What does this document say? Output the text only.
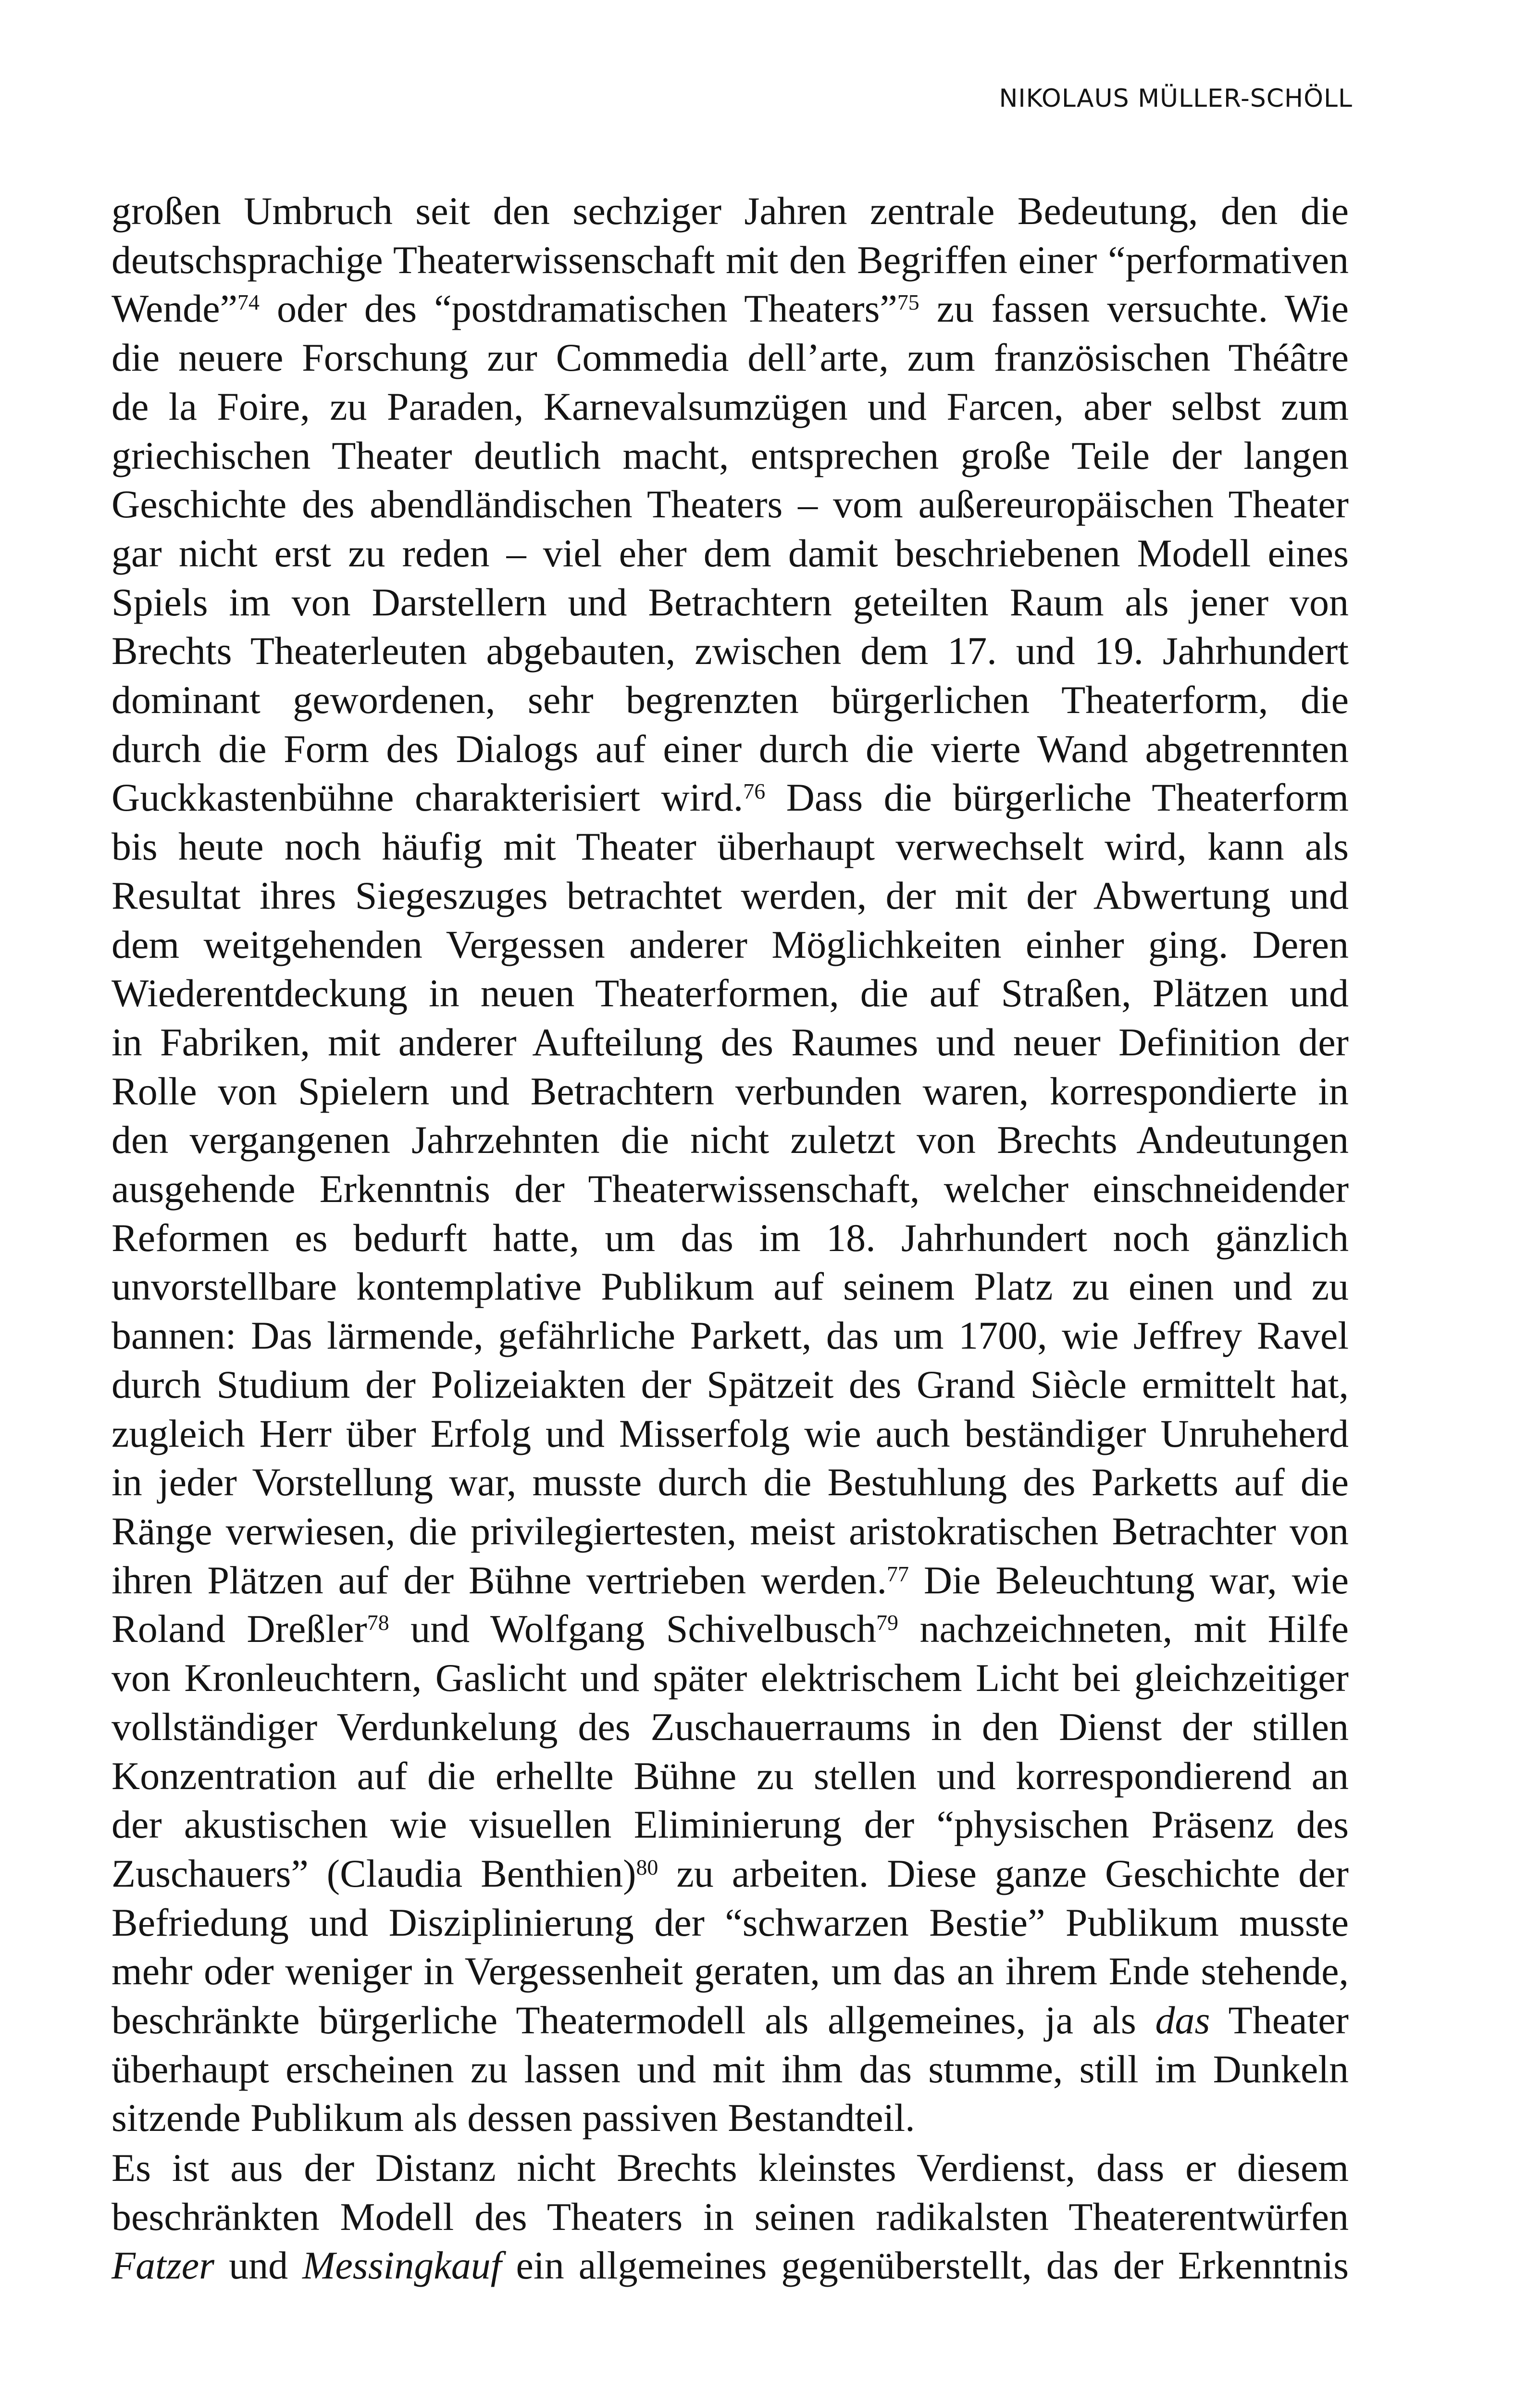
NIKOLAUS MÜLLER-SCHÖLL
großen Umbruch seit den sechziger Jahren zentrale Bedeutung, den die
deutschsprachige Theaterwissenschaft mit den Begriffen einer “performativen
Wende”$^{74}$ oder des “postdramatischen Theaters”$^{75}$ zu fassen versuchte. Wie
die neuere Forschung zur Commedia dell’arte, zum französischen Théâtre
de la Foire, zu Paraden, Karnevalsumzügen und Farcen, aber selbst zum
griechischen Theater deutlich macht, entsprechen große Teile der langen
Geschichte des abendländischen Theaters – vom außereuropäischen Theater
gar nicht erst zu reden – viel eher dem damit beschriebenen Modell eines
Spiels im von Darstellern und Betrachtern geteilten Raum als jener von
Brechts Theaterleuten abgebauten, zwischen dem 17. und 19. Jahrhundert
dominant gewordenen, sehr begrenzten bürgerlichen Theaterform, die
durch die Form des Dialogs auf einer durch die vierte Wand abgetrennten
Guckkastenbühne charakterisiert wird.$^{76}$ Dass die bürgerliche Theaterform
bis heute noch häufig mit Theater überhaupt verwechselt wird, kann als
Resultat ihres Siegeszuges betrachtet werden, der mit der Abwertung und
dem weitgehenden Vergessen anderer Möglichkeiten einher ging. Deren
Wiederentdeckung in neuen Theaterformen, die auf Straßen, Plätzen und
in Fabriken, mit anderer Aufteilung des Raumes und neuer Definition der
Rolle von Spielern und Betrachtern verbunden waren, korrespondierte in
den vergangenen Jahrzehnten die nicht zuletzt von Brechts Andeutungen
ausgehende Erkenntnis der Theaterwissenschaft, welcher einschneidender
Reformen es bedurft hatte, um das im 18. Jahrhundert noch gänzlich
unvorstellbare kontemplative Publikum auf seinem Platz zu einen und zu
bannen: Das lärmende, gefährliche Parkett, das um 1700, wie Jeffrey Ravel
durch Studium der Polizeiakten der Spätzeit des Grand Siècle ermittelt hat,
zugleich Herr über Erfolg und Misserfolg wie auch beständiger Unruheherd
in jeder Vorstellung war, musste durch die Bestuhlung des Parketts auf die
Ränge verwiesen, die privilegiertesten, meist aristokratischen Betrachter von
ihren Plätzen auf der Bühne vertrieben werden.$^{77}$ Die Beleuchtung war, wie
Roland Dreßler$^{78}$ und Wolfgang Schivelbusch$^{79}$ nachzeichneten, mit Hilfe
von Kronleuchtern, Gaslicht und später elektrischem Licht bei gleichzeitiger
vollständiger Verdunkelung des Zuschauerraums in den Dienst der stillen
Konzentration auf die erhellte Bühne zu stellen und korrespondierend an
der akustischen wie visuellen Eliminierung der “physischen Präsenz des
Zuschauers” (Claudia Benthien)$^{80}$ zu arbeiten. Diese ganze Geschichte der
Befriedung und Disziplinierung der “schwarzen Bestie” Publikum musste
mehr oder weniger in Vergessenheit geraten, um das an ihrem Ende stehende,
beschränkte bürgerliche Theatermodell als allgemeines, ja als das Theater
überhaupt erscheinen zu lassen und mit ihm das stumme, still im Dunkeln
sitzende Publikum als dessen passiven Bestandteil.
Es ist aus der Distanz nicht Brechts kleinstes Verdienst, dass er diesem
beschränkten Modell des Theaters in seinen radikalsten Theaterentwürfen
Fatzer und Messingkauf ein allgemeines gegenüberstellt, das der Erkenntnis
